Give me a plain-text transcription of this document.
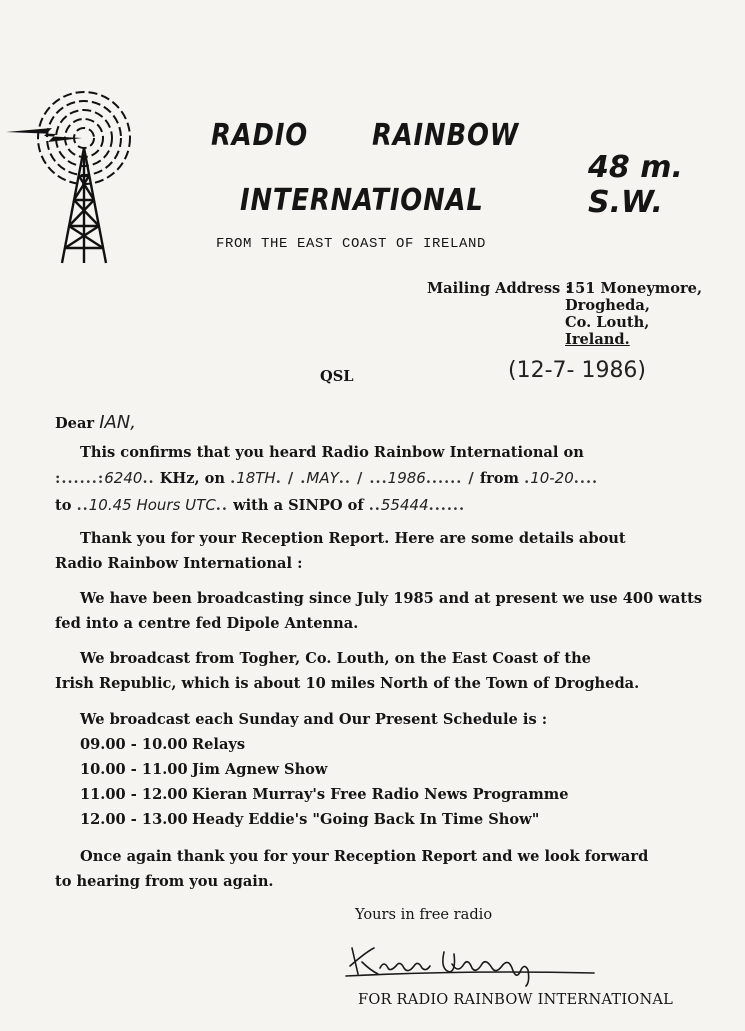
RADIO RAINBOW
INTERNATIONAL
48 m.
S.W.
FROM THE EAST COAST OF IRELAND
Mailing Address :
151 Moneymore,
Drogheda,
Co. Louth,
Ireland.
QSL	(12-7- 1986)
Dear IAN,
This confirms that you heard Radio Rainbow International on
:......:6240.. KHz, on .18TH. / .MAY.. / ...1986...... / from .10-20....
to ..10.45 Hours UTC.. with a SINPO of ..55444......
Thank you for your Reception Report. Here are some details about
Radio Rainbow International :
We have been broadcasting since July 1985 and at present we use 400 watts
fed into a centre fed Dipole Antenna.
We broadcast from Togher, Co. Louth, on the East Coast of the
Irish Republic, which is about 10 miles North of the Town of Drogheda.
We broadcast each Sunday and Our Present Schedule is :
09.00 - 10.00 Relays
10.00 - 11.00 Jim Agnew Show
11.00 - 12.00 Kieran Murray's Free Radio News Programme
12.00 - 13.00 Heady Eddie's "Going Back In Time Show"
Once again thank you for your Reception Report and we look forward
to hearing from you again.
Yours in free radio
FOR RADIO RAINBOW INTERNATIONAL
